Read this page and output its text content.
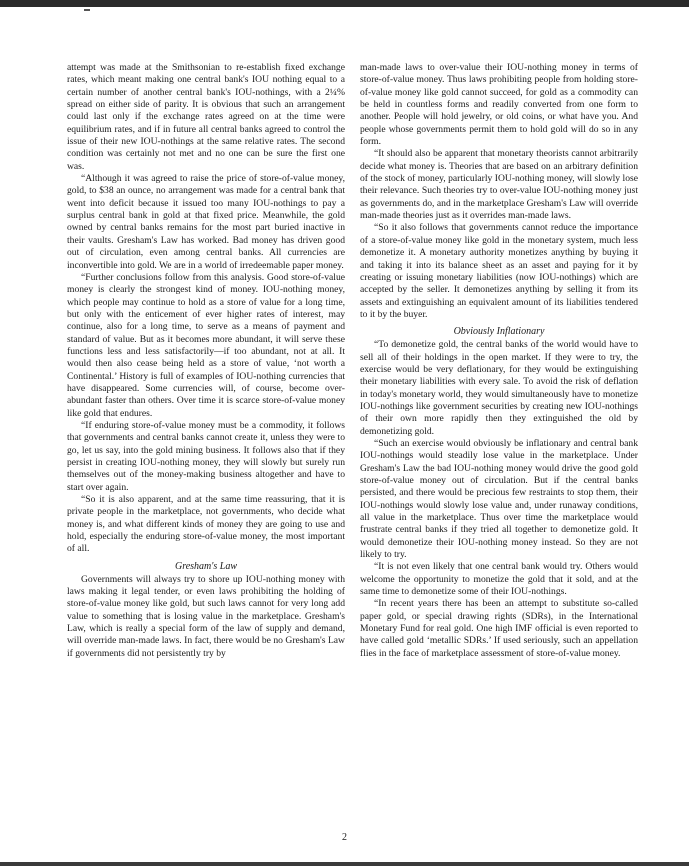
attempt was made at the Smithsonian to re-establish fixed exchange rates, which meant making one central bank's IOU nothing equal to a certain number of another central bank's IOU-nothings, with a 2¼% spread on either side of parity. It is obvious that such an arrangement could last only if the exchange rates agreed on at the time were equilibrium rates, and if in future all central banks agreed to control the issue of their new IOU-nothings at the same relative rates. The second condition was certainly not met and no one can be sure the first one was.

“Although it was agreed to raise the price of store-of-value money, gold, to $38 an ounce, no arrangement was made for a central bank that went into deficit because it issued too many IOU-nothings to pay a surplus central bank in gold at that fixed price. Meanwhile, the gold owned by central banks remains for the most part buried inactive in their vaults. Gresham's Law has worked. Bad money has driven good out of circulation, even among central banks. All currencies are inconvertible into gold. We are in a world of irredeemable paper money.

“Further conclusions follow from this analysis. Good store-of-value money is clearly the strongest kind of money. IOU-nothing money, which people may continue to hold as a store of value for a long time, but only with the enticement of ever higher rates of interest, may continue, also for a long time, to serve as a means of payment and standard of value. But as it becomes more abundant, it will serve these functions less and less satisfactorily—if too abundant, not at all. It would then also cease being held as a store of value, ‘not worth a Continental.’ History is full of examples of IOU-nothing currencies that have disappeared. Some currencies will, of course, become over-abundant faster than others. Over time it is scarce store-of-value money like gold that endures.

“If enduring store-of-value money must be a commodity, it follows that governments and central banks cannot create it, unless they were to go, let us say, into the gold mining business. It follows also that if they persist in creating IOU-nothing money, they will slowly but surely run themselves out of the money-making business altogether and have to start over again.

“So it is also apparent, and at the same time reassuring, that it is private people in the marketplace, not governments, who decide what money is, and what different kinds of money they are going to use and hold, especially the enduring store-of-value money, the most important of all.

Gresham's Law

Governments will always try to shore up IOU-nothing money with laws making it legal tender, or even laws prohibiting the holding of store-of-value money like gold, but such laws cannot for very long add value to something that is losing value in the marketplace. Gresham's Law, which is really a special form of the law of supply and demand, will override man-made laws. In fact, there would be no Gresham's Law if governments did not persistently try by

man-made laws to over-value their IOU-nothing money in terms of store-of-value money. Thus laws prohibiting people from holding store-of-value money like gold cannot succeed, for gold as a commodity can be held in countless forms and readily converted from one form to another. People will hold jewelry, or old coins, or what have you. And people whose governments permit them to hold gold will do so in any form.

“It should also be apparent that monetary theorists cannot arbitrarily decide what money is. Theories that are based on an arbitrary definition of the stock of money, particularly IOU-nothing money, will slowly lose their relevance. Such theories try to over-value IOU-nothing money just as governments do, and in the marketplace Gresham's Law will override man-made theories just as it overrides man-made laws.

“So it also follows that governments cannot reduce the importance of a store-of-value money like gold in the monetary system, much less demonetize it. A monetary authority monetizes anything by buying it and taking it into its balance sheet as an asset and paying for it by creating or issuing monetary liabilities (now IOU-nothings) which are accepted by the seller. It demonetizes anything by selling it from its assets and extinguishing an equivalent amount of its liabilities tendered to it by the buyer.

Obviously Inflationary

“To demonetize gold, the central banks of the world would have to sell all of their holdings in the open market. If they were to try, the exercise would be very deflationary, for they would be extinguishing their monetary liabilities with every sale. To avoid the risk of deflation in today's monetary world, they would simultaneously have to monetize IOU-nothings like government securities by creating new IOU-nothings of their own more rapidly then they extinguished the old by demonetizing gold.

“Such an exercise would obviously be inflationary and central bank IOU-nothings would steadily lose value in the marketplace. Under Gresham's Law the bad IOU-nothing money would drive the good gold store-of-value money out of circulation. But if the central banks persisted, and there would be precious few restraints to stop them, their IOU-nothings would slowly lose value and, under runaway conditions, all value in the marketplace. Thus over time the marketplace would frustrate central banks if they tried all together to demonetize gold. It would demonetize their IOU-nothing money instead. So they are not likely to try.

“It is not even likely that one central bank would try. Others would welcome the opportunity to monetize the gold that it sold, and at the same time to demonetize some of their IOU-nothings.

“In recent years there has been an attempt to substitute so-called paper gold, or special drawing rights (SDRs), in the International Monetary Fund for real gold. One high IMF official is even reported to have called gold ‘metallic SDRs.’ If used seriously, such an appellation flies in the face of marketplace assessment of store-of-value money.

2
